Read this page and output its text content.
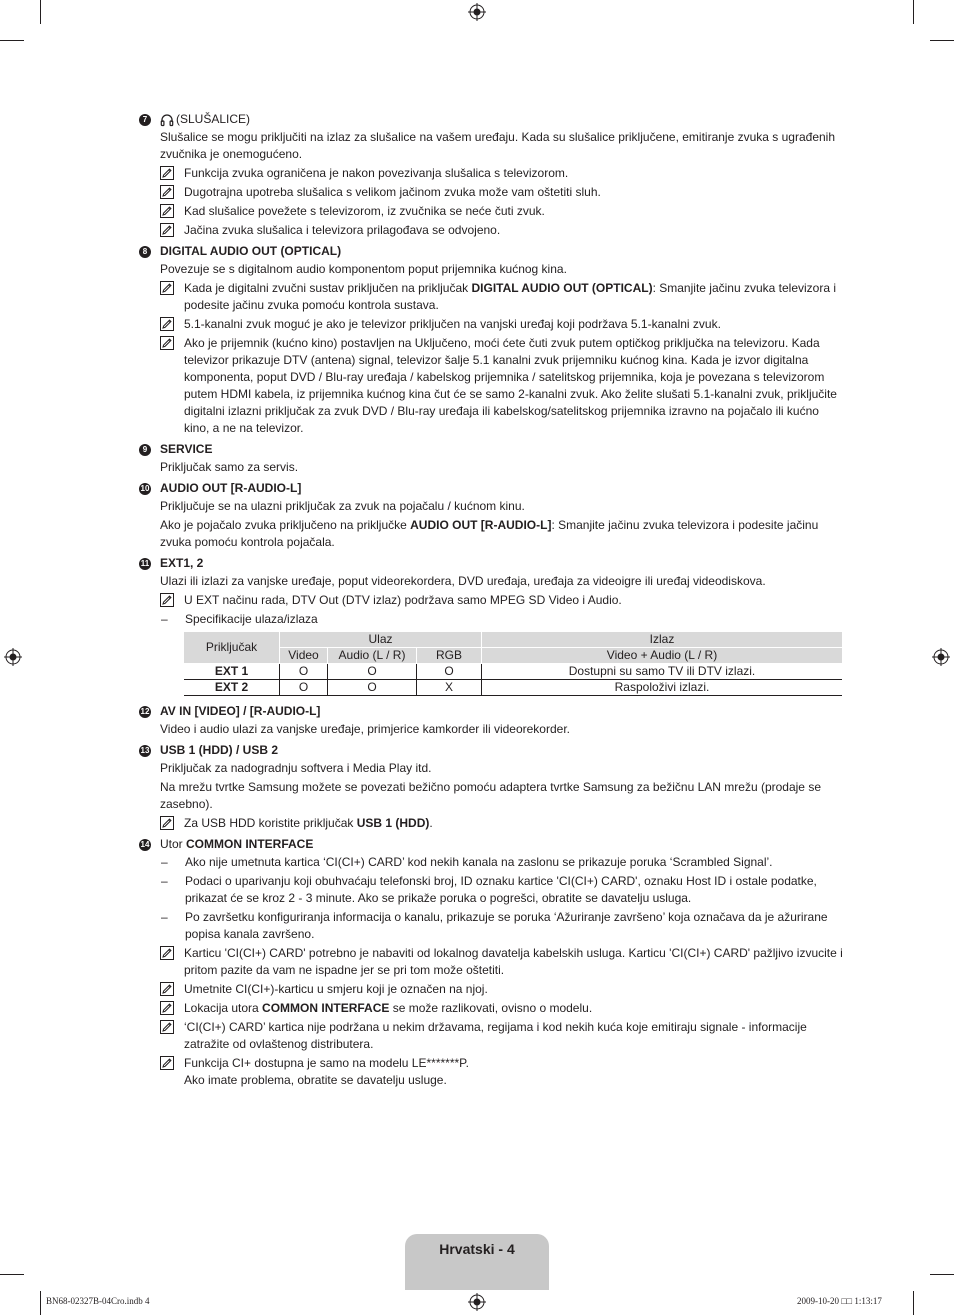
7	(SLUŠALICE)
Slušalice se mogu priključiti na izlaz za slušalice na vašem uređaju. Kada su slušalice priključene, emitiranje zvuka s ugrađenih zvučnika je onemogućeno.
Funkcija zvuka ograničena je nakon povezivanja slušalica s televizorom.
Dugotrajna upotreba slušalica s velikom jačinom zvuka može vam oštetiti sluh.
Kad slušalice povežete s televizorom, iz zvučnika se neće čuti zvuk.
Jačina zvuka slušalica i televizora prilagođava se odvojeno.
8	DIGITAL AUDIO OUT (OPTICAL)
Povezuje se s digitalnom audio komponentom poput prijemnika kućnog kina.
Kada je digitalni zvučni sustav priključen na priključak DIGITAL AUDIO OUT (OPTICAL): Smanjite jačinu zvuka televizora i podesite jačinu zvuka pomoću kontrola sustava.
5.1-kanalni zvuk moguć je ako je televizor priključen na vanjski uređaj koji podržava 5.1-kanalni zvuk.
Ako je prijemnik (kućno kino) postavljen na Uključeno, moći ćete čuti zvuk putem optičkog priključka na televizoru. Kada televizor prikazuje DTV (antena) signal, televizor šalje 5.1 kanalni zvuk prijemniku kućnog kina. Kada je izvor digitalna komponenta, poput DVD / Blu-ray uređaja / kabelskog prijemnika / satelitskog prijemnika, koja je povezana s televizorom putem HDMI kabela, iz prijemnika kućnog kina čut će se samo 2-kanalni zvuk. Ako želite slušati 5.1-kanalni zvuk, priključite digitalni izlazni priključak za zvuk DVD / Blu-ray uređaja ili kabelskog/satelitskog prijemnika izravno na pojačalo ili kućno kino, a ne na televizor.
9	SERVICE
Priključak samo za servis.
10 AUDIO OUT [R-AUDIO-L]
Priključuje se na ulazni priključak za zvuk na pojačalu / kućnom kinu.
Ako je pojačalo zvuka priključeno na priključke AUDIO OUT [R-AUDIO-L]: Smanjite jačinu zvuka televizora i podesite jačinu zvuka pomoću kontrola pojačala.
11 EXT1, 2
Ulazi ili izlazi za vanjske uređaje, poput videorekordera, DVD uređaja, uređaja za videoigre ili uređaj videodiskova.
U EXT načinu rada, DTV Out (DTV izlaz) podržava samo MPEG SD Video i Audio.
–	Specifikacije ulaza/izlaza
Priključak	Ulaz			Izlaz
	Video	Audio (L / R)	RGB	Video + Audio (L / R)
EXT 1	O	O	O	Dostupni su samo TV ili DTV izlazi.
EXT 2	O	O	X	Raspoloživi izlazi.
12 AV IN [VIDEO] / [R-AUDIO-L]
Video i audio ulazi za vanjske uređaje, primjerice kamkorder ili videorekorder.
13 USB 1 (HDD) / USB 2
Priključak za nadogradnju softvera i Media Play itd.
Na mrežu tvrtke Samsung možete se povezati bežično pomoću adaptera tvrtke Samsung za bežičnu LAN mrežu (prodaje se zasebno).
Za USB HDD koristite priključak USB 1 (HDD).
14 Utor COMMON INTERFACE
–	Ako nije umetnuta kartica ‘CI(CI+) CARD’ kod nekih kanala na zaslonu se prikazuje poruka ‘Scrambled Signal’.
–	Podaci o uparivanju koji obuhvaćaju telefonski broj, ID oznaku kartice 'CI(CI+) CARD', oznaku Host ID i ostale podatke, prikazat će se kroz 2 - 3 minute. Ako se prikaže poruka o pogrešci, obratite se davatelju usluga.
–	Po završetku konfiguriranja informacija o kanalu, prikazuje se poruka ‘Ažuriranje završeno’ koja označava da je ažurirane popisa kanala završeno.
Karticu 'CI(CI+) CARD' potrebno je nabaviti od lokalnog davatelja kabelskih usluga. Karticu 'CI(CI+) CARD' pažljivo izvucite i pritom pazite da vam ne ispadne jer se pri tom može oštetiti.
Umetnite CI(CI+)-karticu u smjeru koji je označen na njoj.
Lokacija utora COMMON INTERFACE se može razlikovati, ovisno o modelu.
‘CI(CI+) CARD’ kartica nije podržana u nekim državama, regijama i kod nekih kuća koje emitiraju signale - informacije zatražite od ovlaštenog distributera.
Funkcija CI+ dostupna je samo na modelu LE*******P.
Ako imate problema, obratite se davatelju usluge.
Hrvatski - 4
BN68-02327B-04Cro.indb 4	2009-10-20 □□ 1:13:17
